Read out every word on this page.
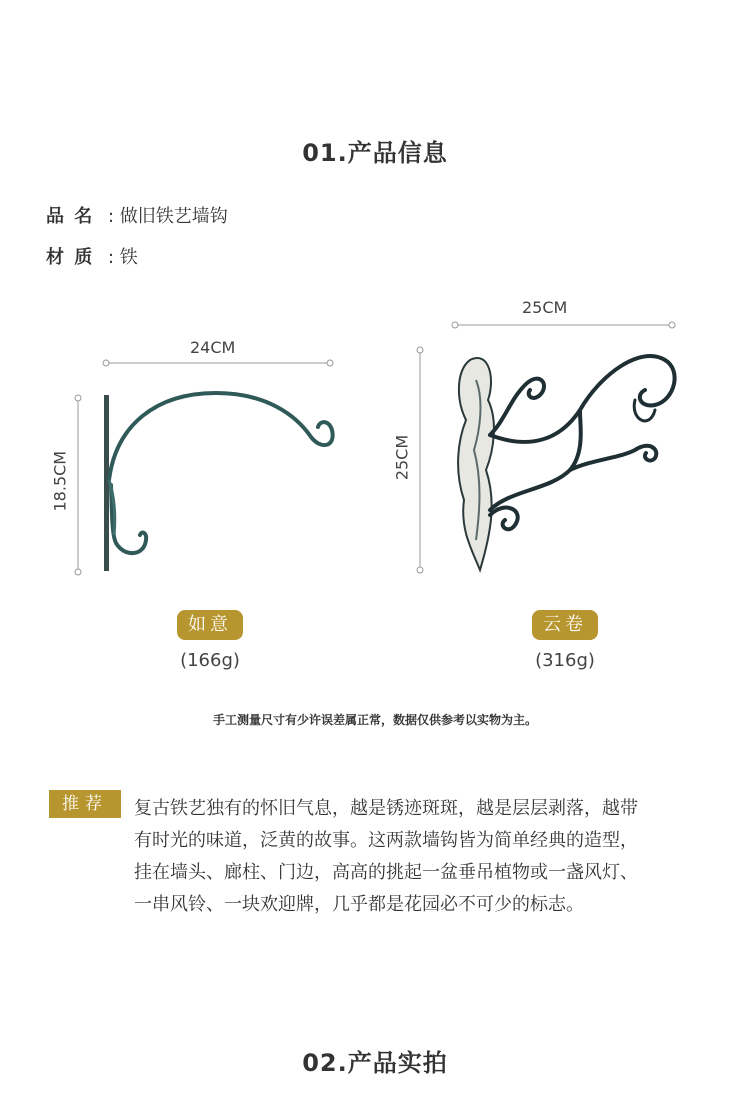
01.产品信息
品 名 : 做旧铁艺墙钩
材 质 : 铁
24CM
18.5CM
25CM
25CM
如意
(166g)
云卷
(316g)
手工测量尺寸有少许误差属正常，数据仅供参考以实物为主。
推荐	复古铁艺独有的怀旧气息，越是锈迹斑斑，越是层层剥落，越带
有时光的味道，泛黄的故事。这两款墙钩皆为简单经典的造型，
挂在墙头、廊柱、门边，高高的挑起一盆垂吊植物或一盏风灯、
一串风铃、一块欢迎牌，几乎都是花园必不可少的标志。
02.产品实拍
